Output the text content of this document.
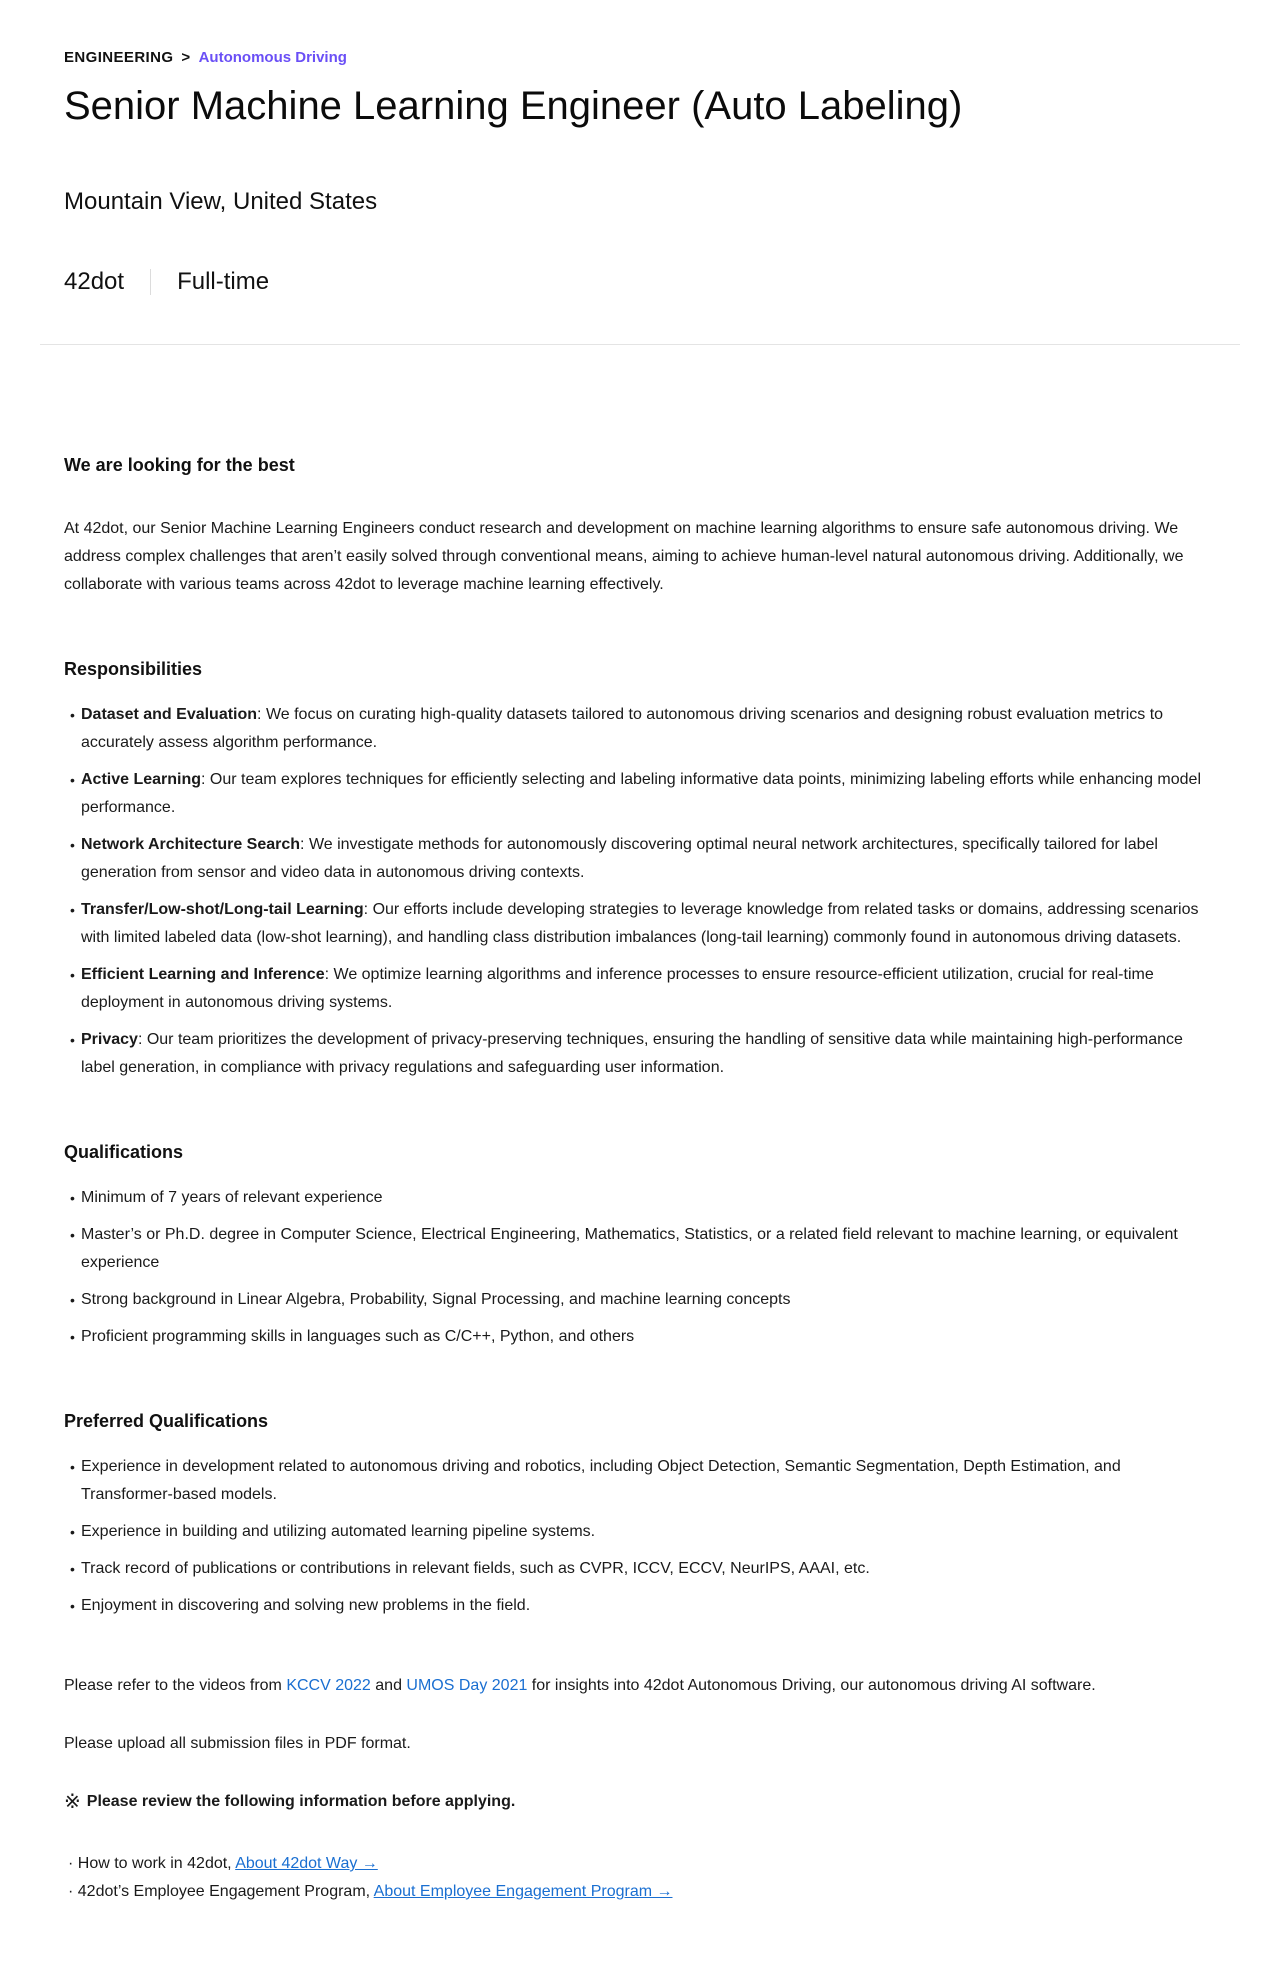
ENGINEERING > Autonomous Driving
Senior Machine Learning Engineer (Auto Labeling)
Mountain View, United States
42dot Full-time
We are looking for the best
At 42dot, our Senior Machine Learning Engineers conduct research and development on machine learning algorithms to ensure safe autonomous driving. We address complex challenges that aren’t easily solved through conventional means, aiming to achieve human-level natural autonomous driving. Additionally, we collaborate with various teams across 42dot to leverage machine learning effectively.
Responsibilities
• Dataset and Evaluation: We focus on curating high-quality datasets tailored to autonomous driving scenarios and designing robust evaluation metrics to accurately assess algorithm performance.
• Active Learning: Our team explores techniques for efficiently selecting and labeling informative data points, minimizing labeling efforts while enhancing model performance.
• Network Architecture Search: We investigate methods for autonomously discovering optimal neural network architectures, specifically tailored for label generation from sensor and video data in autonomous driving contexts.
• Transfer/Low-shot/Long-tail Learning: Our efforts include developing strategies to leverage knowledge from related tasks or domains, addressing scenarios with limited labeled data (low-shot learning), and handling class distribution imbalances (long-tail learning) commonly found in autonomous driving datasets.
• Efficient Learning and Inference: We optimize learning algorithms and inference processes to ensure resource-efficient utilization, crucial for real-time deployment in autonomous driving systems.
• Privacy: Our team prioritizes the development of privacy-preserving techniques, ensuring the handling of sensitive data while maintaining high-performance label generation, in compliance with privacy regulations and safeguarding user information.
Qualifications
• Minimum of 7 years of relevant experience
• Master’s or Ph.D. degree in Computer Science, Electrical Engineering, Mathematics, Statistics, or a related field relevant to machine learning, or equivalent experience
• Strong background in Linear Algebra, Probability, Signal Processing, and machine learning concepts
• Proficient programming skills in languages such as C/C++, Python, and others
Preferred Qualifications
• Experience in development related to autonomous driving and robotics, including Object Detection, Semantic Segmentation, Depth Estimation, and Transformer-based models.
• Experience in building and utilizing automated learning pipeline systems.
• Track record of publications or contributions in relevant fields, such as CVPR, ICCV, ECCV, NeurIPS, AAAI, etc.
• Enjoyment in discovering and solving new problems in the field.
Please refer to the videos from KCCV 2022 and UMOS Day 2021 for insights into 42dot Autonomous Driving, our autonomous driving AI software.
Please upload all submission files in PDF format.
※ Please review the following information before applying.
· How to work in 42dot, About 42dot Way →
· 42dot’s Employee Engagement Program, About Employee Engagement Program →
